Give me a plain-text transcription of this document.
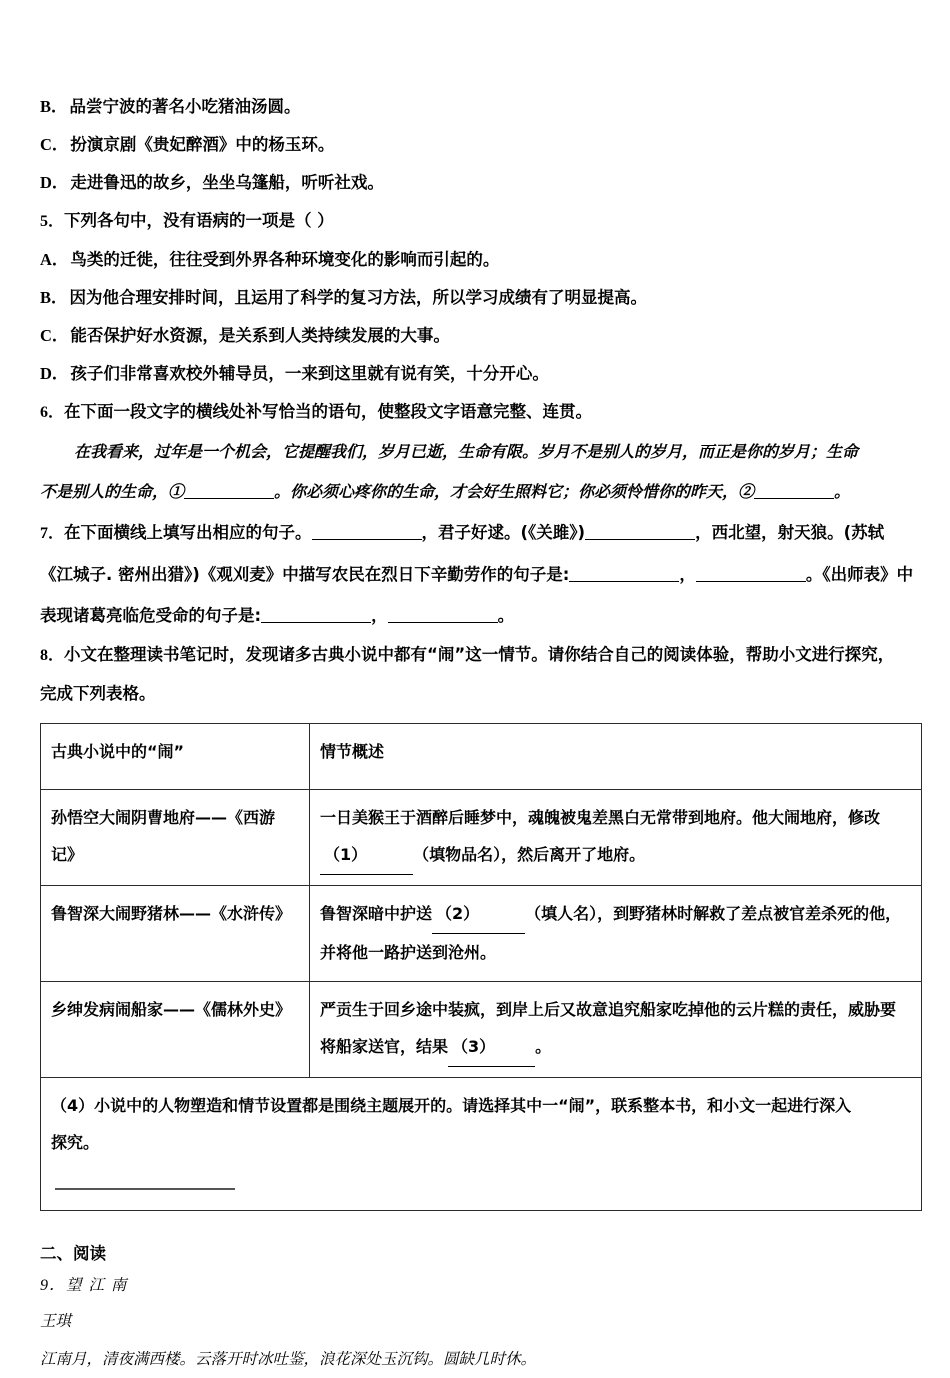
B． 品尝宁波的著名小吃猪油汤圆。
C． 扮演京剧《贵妃醉酒》中的杨玉环。
D． 走进鲁迅的故乡，坐坐乌篷船，听听社戏。
5．下列各句中，没有语病的一项是（ ）
A． 鸟类的迁徙，往往受到外界各种环境变化的影响而引起的。
B． 因为他合理安排时间，且运用了科学的复习方法，所以学习成绩有了明显提高。
C． 能否保护好水资源，是关系到人类持续发展的大事。
D． 孩子们非常喜欢校外辅导员，一来到这里就有说有笑，十分开心。
6．在下面一段文字的横线处补写恰当的语句，使整段文字语意完整、连贯。
在我看来，过年是一个机会，它提醒我们，岁月已逝，生命有限。岁月不是别人的岁月，而正是你的岁月；生命
不是别人的生命，①	。你必须心疼你的生命，才会好生照料它；你必须怜惜你的昨天，②	。
7．在下面横线上填写出相应的句子。	，君子好逑。(《关雎》)	，西北望，射天狼。(苏轼
《江城子. 密州出猎》)《观刈麦》中描写农民在烈日下辛勤劳作的句子是:	，	。《出师表》中
表现诸葛亮临危受命的句子是:	，	。
8．小文在整理读书笔记时，发现诸多古典小说中都有“闹”这一情节。请你结合自己的阅读体验，帮助小文进行探究，
完成下列表格。
古典小说中的“闹”	情节概述
孙悟空大闹阴曹地府——《西游记》	一日美猴王于酒醉后睡梦中，魂魄被鬼差黑白无常带到地府。他大闹地府，修改（1） （填物品名），然后离开了地府。
鲁智深大闹野猪林——《水浒传》	鲁智深暗中护送 （2） （填人名），到野猪林时解救了差点被官差杀死的他，并将他一路护送到沧州。
乡绅发病闹船家——《儒林外史》	严贡生于回乡途中装疯，到岸上后又故意追究船家吃掉他的云片糕的责任，威胁要将船家送官，结果 （3） 。
（4）小说中的人物塑造和情节设置都是围绕主题展开的。请选择其中一“闹”，联系整本书，和小文一起进行深入
探究。	
二、阅读
9．望 江 南
王琪
江南月，清夜满西楼。云落开时冰吐鉴，浪花深处玉沉钩。圆缺几时休。
